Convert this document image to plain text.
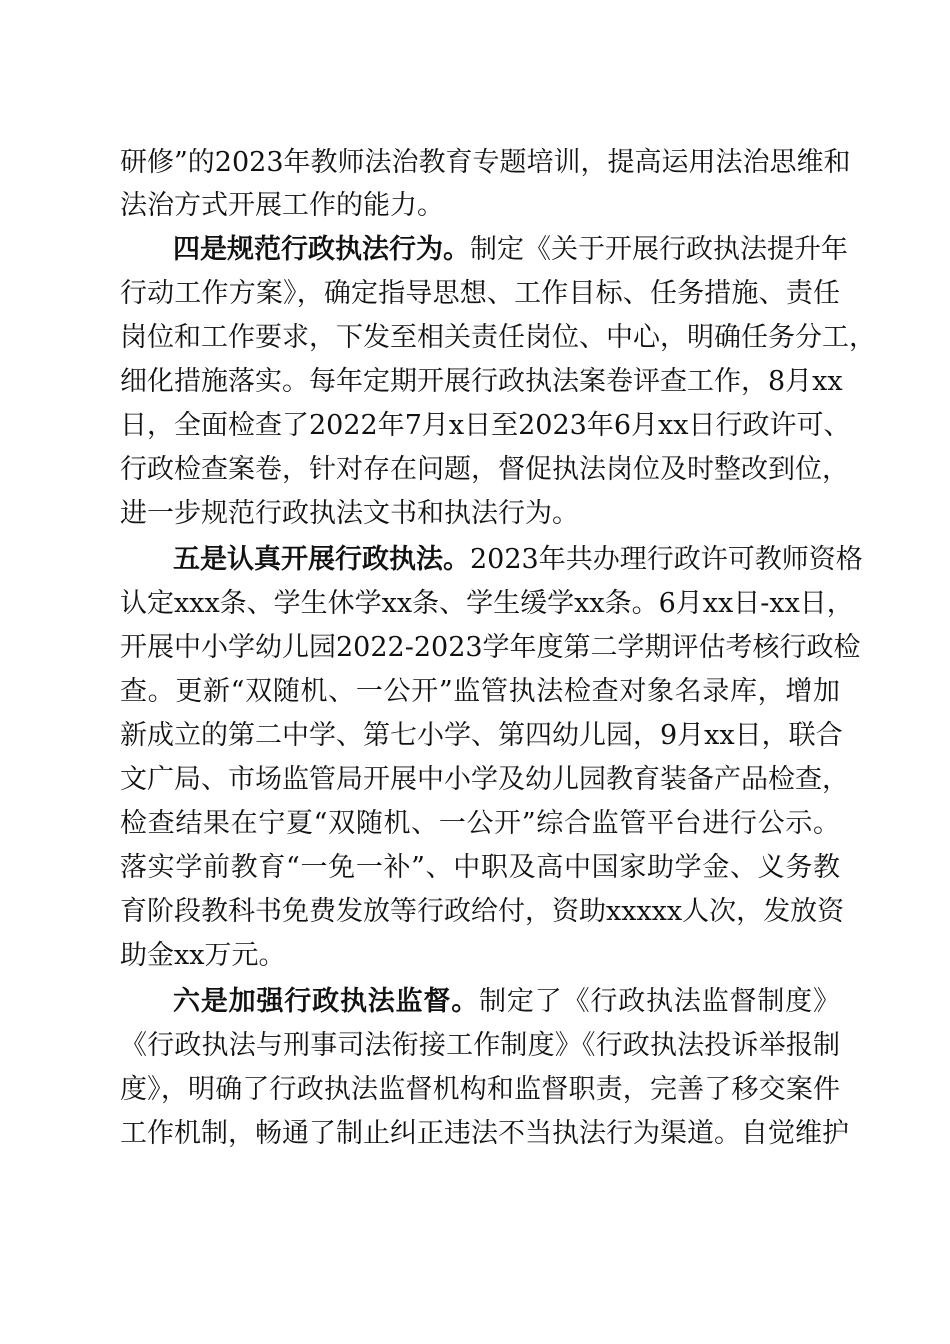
研修”的2023年教师法治教育专题培训，提高运用法治思维和
法治方式开展工作的能力。
四是规范行政执法行为。制定《关于开展行政执法提升年
行动工作方案》，确定指导思想、工作目标、任务措施、责任
岗位和工作要求，下发至相关责任岗位、中心，明确任务分工，
细化措施落实。每年定期开展行政执法案卷评查工作，8月xx
日，全面检查了2022年7月x日至2023年6月xx日行政许可、
行政检查案卷，针对存在问题，督促执法岗位及时整改到位，
进一步规范行政执法文书和执法行为。
五是认真开展行政执法。2023年共办理行政许可教师资格
认定xxx条、学生休学xx条、学生缓学xx条。6月xx日-xx日，
开展中小学幼儿园2022-2023学年度第二学期评估考核行政检
查。更新“双随机、一公开”监管执法检查对象名录库，增加
新成立的第二中学、第七小学、第四幼儿园，9月xx日，联合
文广局、市场监管局开展中小学及幼儿园教育装备产品检查，
检查结果在宁夏“双随机、一公开”综合监管平台进行公示。
落实学前教育“一免一补”、中职及高中国家助学金、义务教
育阶段教科书免费发放等行政给付，资助xxxxx人次，发放资
助金xx万元。
六是加强行政执法监督。制定了《行政执法监督制度》
《行政执法与刑事司法衔接工作制度》《行政执法投诉举报制
度》，明确了行政执法监督机构和监督职责，完善了移交案件
工作机制，畅通了制止纠正违法不当执法行为渠道。自觉维护
